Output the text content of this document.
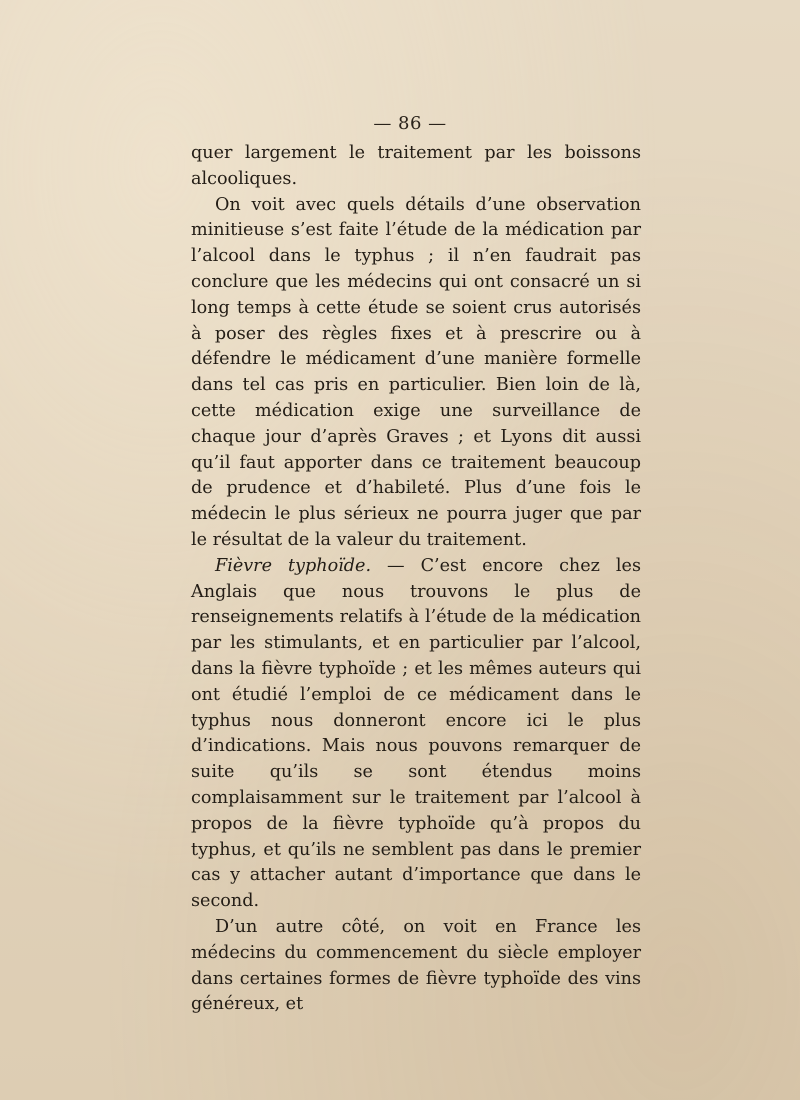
— 86 —

quer largement le traitement par les boissons alcooliques.

On voit avec quels détails d’une observation minitieuse s’est faite l’étude de la médication par l’alcool dans le typhus ; il n’en faudrait pas conclure que les médecins qui ont consacré un si long temps à cette étude se soient crus autorisés à poser des règles fixes et à prescrire ou à défendre le médicament d’une manière formelle dans tel cas pris en particulier. Bien loin de là, cette médication exige une surveillance de chaque jour d’après Graves ; et Lyons dit aussi qu’il faut apporter dans ce traitement beaucoup de prudence et d’habileté. Plus d’une fois le médecin le plus sérieux ne pourra juger que par le résultat de la valeur du traitement.

Fièvre typhoïde. — C’est encore chez les Anglais que nous trouvons le plus de renseignements relatifs à l’étude de la médication par les stimulants, et en particulier par l’alcool, dans la fièvre typhoïde ; et les mêmes auteurs qui ont étudié l’emploi de ce médicament dans le typhus nous donneront encore ici le plus d’indications. Mais nous pouvons remarquer de suite qu’ils se sont étendus moins complaisamment sur le traitement par l’alcool à propos de la fièvre typhoïde qu’à propos du typhus, et qu’ils ne semblent pas dans le premier cas y attacher autant d’importance que dans le second.

D’un autre côté, on voit en France les médecins du commencement du siècle employer dans certaines formes de fièvre typhoïde des vins généreux, et
